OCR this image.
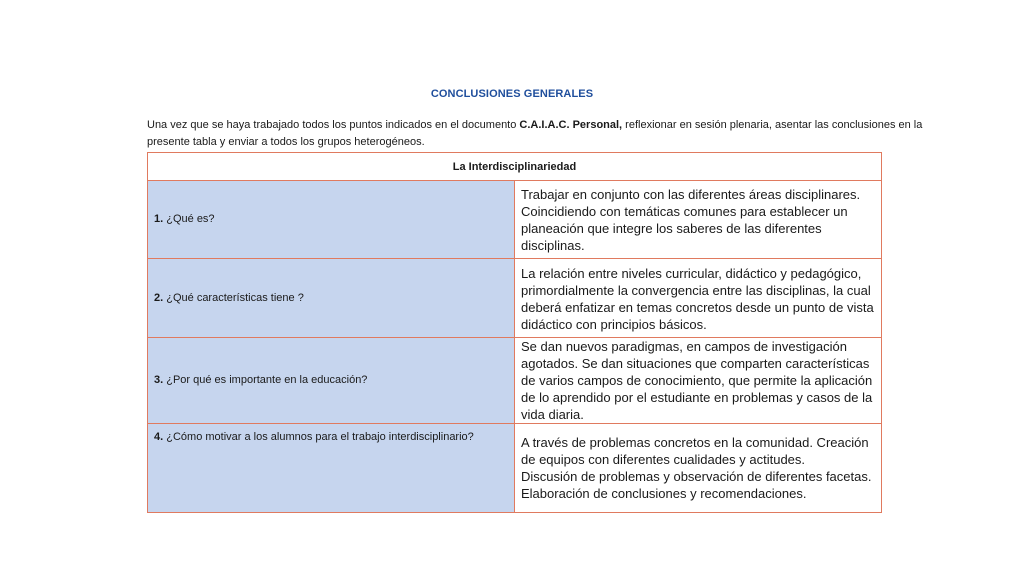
CONCLUSIONES GENERALES

Una vez que se haya trabajado todos los puntos indicados en el documento C.A.I.A.C. Personal, reflexionar en sesión plenaria, asentar las conclusiones en la presente tabla y enviar a todos los grupos heterogéneos.

La Interdisciplinariedad	

1. ¿Qué es?	Trabajar en conjunto con las diferentes áreas disciplinares. Coincidiendo con temáticas comunes para establecer un planeación que integre los saberes de las diferentes disciplinas.

2. ¿Qué características tiene ?	La relación entre niveles curricular, didáctico y pedagógico, primordialmente la convergencia entre las disciplinas, la cual deberá enfatizar en temas concretos desde un punto de vista didáctico con principios básicos.

3. ¿Por qué es importante en la educación?	Se dan nuevos paradigmas, en campos de investigación agotados. Se dan situaciones que comparten características de varios campos de conocimiento, que permite la aplicación de lo aprendido por el estudiante en problemas y casos de la vida diaria.

4. ¿Cómo motivar a los alumnos para el trabajo interdisciplinario?	A través de problemas concretos en la comunidad. Creación de equipos con diferentes cualidades y actitudes.
Discusión de problemas y observación de diferentes facetas. Elaboración de conclusiones y recomendaciones.
